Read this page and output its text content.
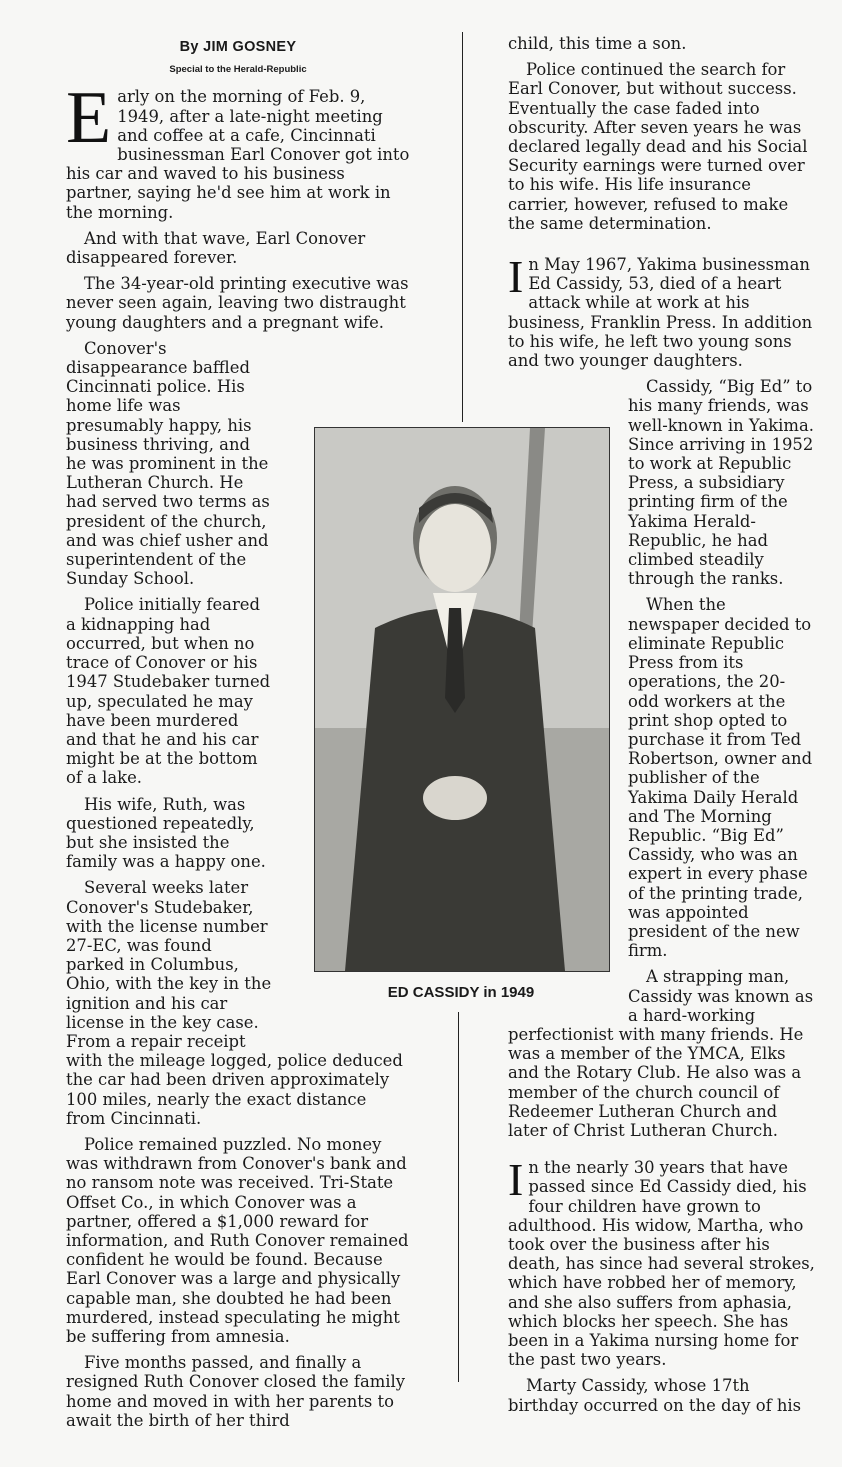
By JIM GOSNEY
Special to the Herald-Republic

Early on the morning of Feb. 9, 1949, after a late-night meeting and coffee at a cafe, Cincinnati businessman Earl Conover got into his car and waved to his business partner, saying he'd see him at work in the morning.

And with that wave, Earl Conover disappeared forever.

The 34-year-old printing executive was never seen again, leaving two distraught young daughters and a pregnant wife.

Conover's disappearance baffled Cincinnati police. His home life was presumably happy, his business thriving, and he was prominent in the Lutheran Church. He had served two terms as president of the church, and was chief usher and superintendent of the Sunday School.

Police initially feared a kidnapping had occurred, but when no trace of Conover or his 1947 Studebaker turned up, speculated he may have been murdered and that he and his car might be at the bottom of a lake.

His wife, Ruth, was questioned repeatedly, but she insisted the family was a happy one.

Several weeks later Conover's Studebaker, with the license number 27-EC, was found parked in Columbus, Ohio, with the key in the ignition and his car license in the key case. From a repair receipt with the mileage logged, police deduced the car had been driven approximately 100 miles, nearly the exact distance from Cincinnati.

Police remained puzzled. No money was withdrawn from Conover's bank and no ransom note was received. Tri-State Offset Co., in which Conover was a partner, offered a $1,000 reward for information, and Ruth Conover remained confident he would be found. Because Earl Conover was a large and physically capable man, she doubted he had been murdered, instead speculating he might be suffering from amnesia.

Five months passed, and finally a resigned Ruth Conover closed the family home and moved in with her parents to await the birth of her third

ED CASSIDY in 1949

child, this time a son.

Police continued the search for Earl Conover, but without success. Eventually the case faded into obscurity. After seven years he was declared legally dead and his Social Security earnings were turned over to his wife. His life insurance carrier, however, refused to make the same determination.

In May 1967, Yakima businessman Ed Cassidy, 53, died of a heart attack while at work at his business, Franklin Press. In addition to his wife, he left two young sons and two younger daughters.

Cassidy, “Big Ed” to his many friends, was well-known in Yakima. Since arriving in 1952 to work at Republic Press, a subsidiary printing firm of the Yakima Herald-Republic, he had climbed steadily through the ranks.

When the newspaper decided to eliminate Republic Press from its operations, the 20-odd workers at the print shop opted to purchase it from Ted Robertson, owner and publisher of the Yakima Daily Herald and The Morning Republic. “Big Ed” Cassidy, who was an expert in every phase of the printing trade, was appointed president of the new firm.

A strapping man, Cassidy was known as a hard-working perfectionist with many friends. He was a member of the YMCA, Elks and the Rotary Club. He also was a member of the church council of Redeemer Lutheran Church and later of Christ Lutheran Church.

In the nearly 30 years that have passed since Ed Cassidy died, his four children have grown to adulthood. His widow, Martha, who took over the business after his death, has since had several strokes, which have robbed her of memory, and she also suffers from aphasia, which blocks her speech. She has been in a Yakima nursing home for the past two years.

Marty Cassidy, whose 17th birthday occurred on the day of his
